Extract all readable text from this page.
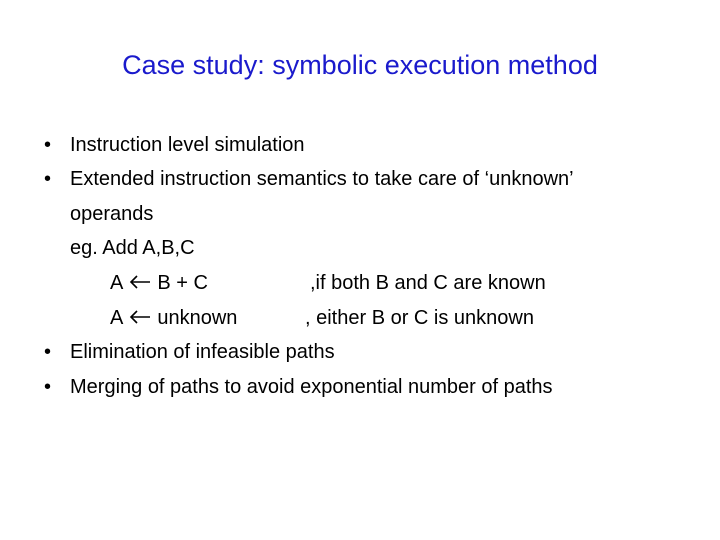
Case study: symbolic execution method
• Instruction level simulation
• Extended instruction semantics to take care of ‘unknown’
operands
eg. Add A,B,C
A B + C	,if both B and C are known
A unknown	, either B or C is unknown
• Elimination of infeasible paths
• Merging of paths to avoid exponential number of paths
